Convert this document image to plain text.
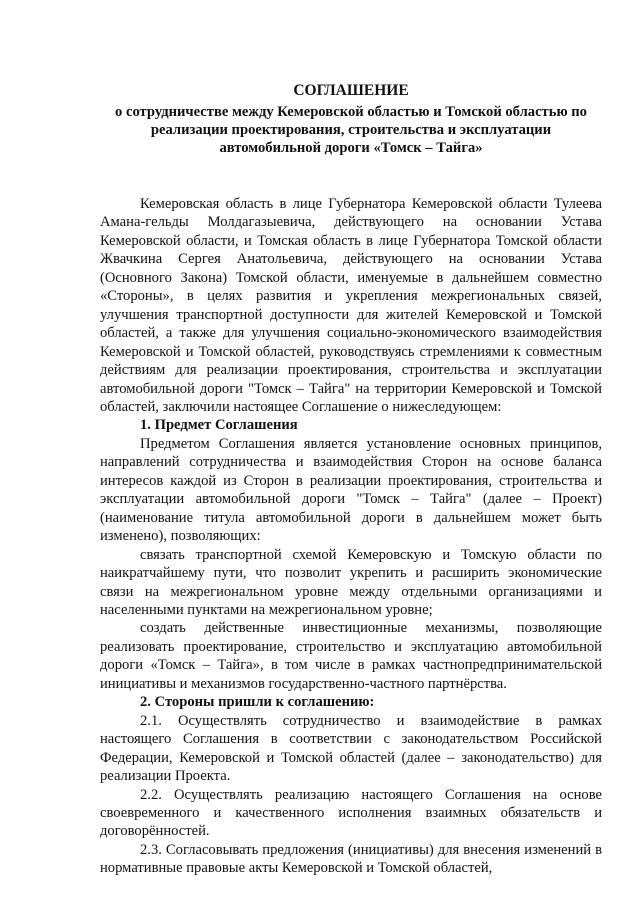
СОГЛАШЕНИЕ
о сотрудничестве между Кемеровской областью и Томской областью по реализации проектирования, строительства и эксплуатации автомобильной дороги «Томск – Тайга»

Кемеровская область в лице Губернатора Кемеровской области Тулеева Амана-гельды Молдагазыевича, действующего на основании Устава Кемеровской области, и Томская область в лице Губернатора Томской области Жвачкина Сергея Анатольевича, действующего на основании Устава (Основного Закона) Томской области, именуемые в дальнейшем совместно «Стороны», в целях развития и укрепления межрегиональных связей, улучшения транспортной доступности для жителей Кемеровской и Томской областей, а также для улучшения социально-экономического взаимодействия Кемеровской и Томской областей, руководствуясь стремлениями к совместным действиям для реализации проектирования, строительства и эксплуатации автомобильной дороги "Томск – Тайга" на территории Кемеровской и Томской областей, заключили настоящее Соглашение о нижеследующем:

1. Предмет Соглашения

Предметом Соглашения является установление основных принципов, направлений сотрудничества и взаимодействия Сторон на основе баланса интересов каждой из Сторон в реализации проектирования, строительства и эксплуатации автомобильной дороги "Томск – Тайга" (далее – Проект) (наименование титула автомобильной дороги в дальнейшем может быть изменено), позволяющих:

связать транспортной схемой Кемеровскую и Томскую области по наикратчайшему пути, что позволит укрепить и расширить экономические связи на межрегиональном уровне между отдельными организациями и населенными пунктами на межрегиональном уровне;

создать действенные инвестиционные механизмы, позволяющие реализовать проектирование, строительство и эксплуатацию автомобильной дороги «Томск – Тайга», в том числе в рамках частнопредпринимательской инициативы и механизмов государственно-частного партнёрства.

2. Стороны пришли к соглашению:

2.1. Осуществлять сотрудничество и взаимодействие в рамках настоящего Соглашения в соответствии с законодательством Российской Федерации, Кемеровской и Томской областей (далее – законодательство) для реализации Проекта.

2.2. Осуществлять реализацию настоящего Соглашения на основе своевременного и качественного исполнения взаимных обязательств и договорённостей.

2.3. Согласовывать предложения (инициативы) для внесения изменений в нормативные правовые акты Кемеровской и Томской областей,
